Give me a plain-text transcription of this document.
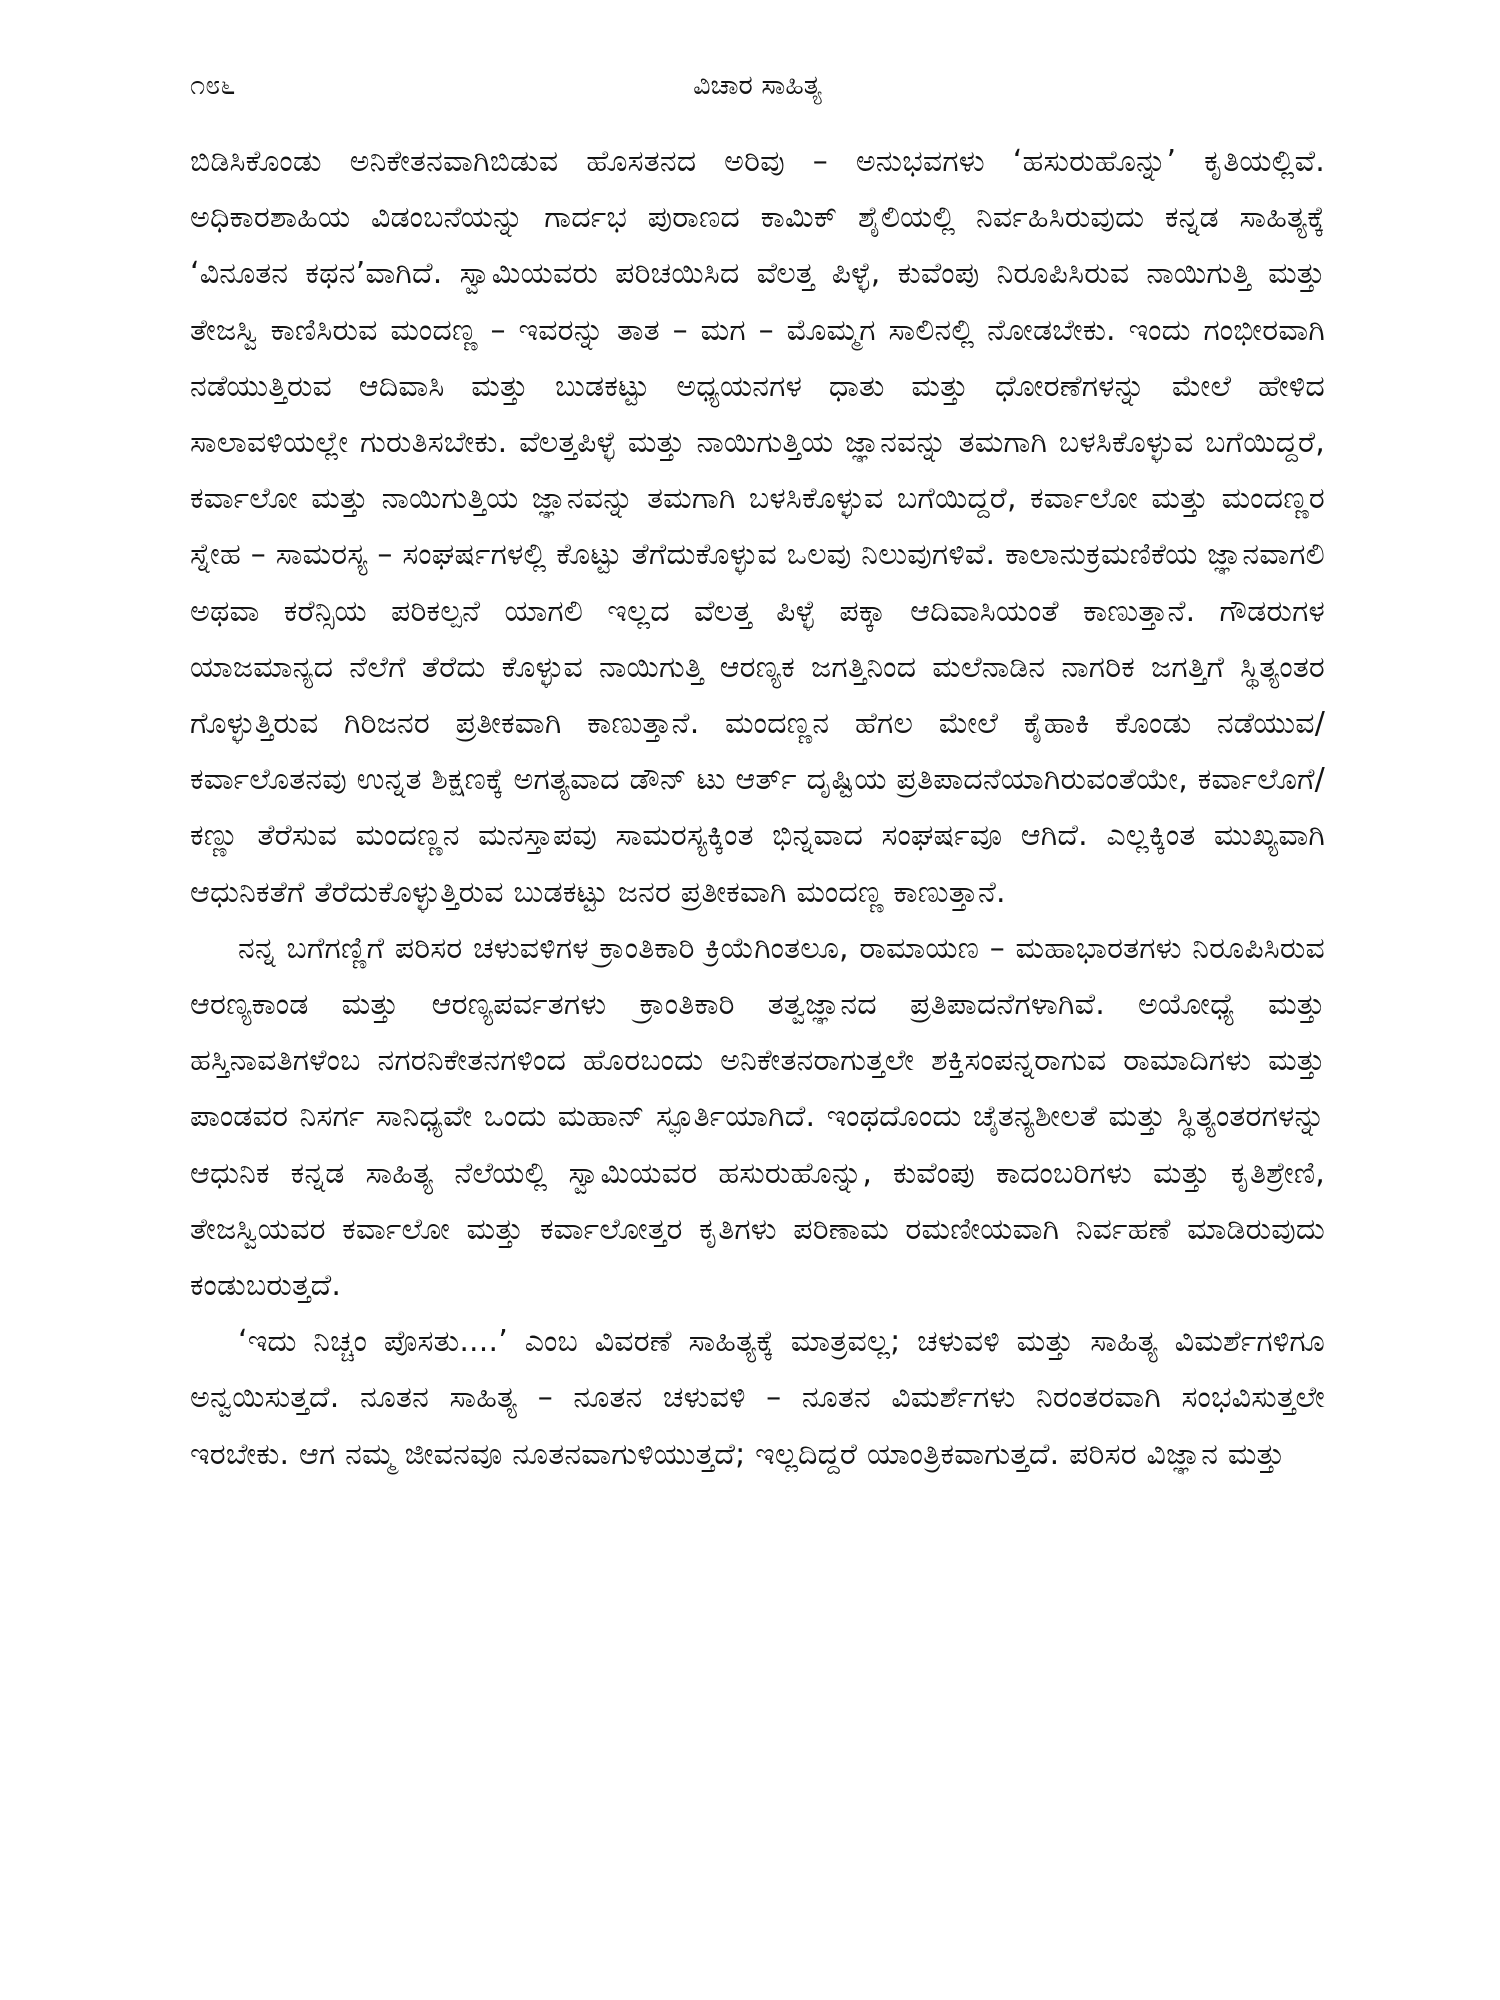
೧೮೬	ವಿಚಾರ ಸಾಹಿತ್ಯ

ಬಿಡಿಸಿಕೊಂಡು ಅನಿಕೇತನವಾಗಿಬಿಡುವ ಹೊಸತನದ ಅರಿವು – ಅನುಭವಗಳು ‘ಹಸುರುಹೊನ್ನು’ ಕೃತಿಯಲ್ಲಿವೆ. ಅಧಿಕಾರಶಾಹಿಯ ವಿಡಂಬನೆಯನ್ನು ಗಾರ್ದಭ ಪುರಾಣದ ಕಾಮಿಕ್ ಶೈಲಿಯಲ್ಲಿ ನಿರ್ವಹಿಸಿರುವುದು ಕನ್ನಡ ಸಾಹಿತ್ಯಕ್ಕೆ ‘ವಿನೂತನ ಕಥನ’ವಾಗಿದೆ. ಸ್ವಾಮಿಯವರು ಪರಿಚಯಿಸಿದ ವೆಲತ್ತ ಪಿಳ್ಳೆ, ಕುವೆಂಪು ನಿರೂಪಿಸಿರುವ ನಾಯಿಗುತ್ತಿ ಮತ್ತು ತೇಜಸ್ವಿ ಕಾಣಿಸಿರುವ ಮಂದಣ್ಣ – ಇವರನ್ನು ತಾತ – ಮಗ – ಮೊಮ್ಮಗ ಸಾಲಿನಲ್ಲಿ ನೋಡಬೇಕು. ಇಂದು ಗಂಭೀರವಾಗಿ ನಡೆಯುತ್ತಿರುವ ಆದಿವಾಸಿ ಮತ್ತು ಬುಡಕಟ್ಟು ಅಧ್ಯಯನಗಳ ಧಾತು ಮತ್ತು ಧೋರಣೆಗಳನ್ನು ಮೇಲೆ ಹೇಳಿದ ಸಾಲಾವಳಿಯಲ್ಲೇ ಗುರುತಿಸಬೇಕು. ವೆಲತ್ತಪಿಳ್ಳೆ ಮತ್ತು ನಾಯಿಗುತ್ತಿಯ ಜ್ಞಾನವನ್ನು ತಮಗಾಗಿ ಬಳಸಿಕೊಳ್ಳುವ ಬಗೆಯಿದ್ದರೆ, ಕರ್ವಾಲೋ ಮತ್ತು ನಾಯಿಗುತ್ತಿಯ ಜ್ಞಾನವನ್ನು ತಮಗಾಗಿ ಬಳಸಿಕೊಳ್ಳುವ ಬಗೆಯಿದ್ದರೆ, ಕರ್ವಾಲೋ ಮತ್ತು ಮಂದಣ್ಣರ ಸ್ನೇಹ – ಸಾಮರಸ್ಯ – ಸಂಘರ್ಷಗಳಲ್ಲಿ ಕೊಟ್ಟು ತೆಗೆದುಕೊಳ್ಳುವ ಒಲವು ನಿಲುವುಗಳಿವೆ. ಕಾಲಾನುಕ್ರಮಣಿಕೆಯ ಜ್ಞಾನವಾಗಲಿ ಅಥವಾ ಕರೆನ್ಸಿಯ ಪರಿಕಲ್ಪನೆ ಯಾಗಲಿ ಇಲ್ಲದ ವೆಲತ್ತ ಪಿಳ್ಳೆ ಪಕ್ಕಾ ಆದಿವಾಸಿಯಂತೆ ಕಾಣುತ್ತಾನೆ. ಗೌಡರುಗಳ ಯಾಜಮಾನ್ಯದ ನೆಲೆಗೆ ತೆರೆದು ಕೊಳ್ಳುವ ನಾಯಿಗುತ್ತಿ ಆರಣ್ಯಕ ಜಗತ್ತಿನಿಂದ ಮಲೆನಾಡಿನ ನಾಗರಿಕ ಜಗತ್ತಿಗೆ ಸ್ಥಿತ್ಯಂತರ ಗೊಳ್ಳುತ್ತಿರುವ ಗಿರಿಜನರ ಪ್ರತೀಕವಾಗಿ ಕಾಣುತ್ತಾನೆ. ಮಂದಣ್ಣನ ಹೆಗಲ ಮೇಲೆ ಕೈಹಾಕಿ ಕೊಂಡು ನಡೆಯುವ/ ಕರ್ವಾಲೊತನವು ಉನ್ನತ ಶಿಕ್ಷಣಕ್ಕೆ ಅಗತ್ಯವಾದ ಡೌನ್ ಟು ಆರ್ತ್ ದೃಷ್ಟಿಯ ಪ್ರತಿಪಾದನೆಯಾಗಿರುವಂತೆಯೇ, ಕರ್ವಾಲೊಗೆ/ ಕಣ್ಣು ತೆರೆಸುವ ಮಂದಣ್ಣನ ಮನಸ್ತಾಪವು ಸಾಮರಸ್ಯಕ್ಕಿಂತ ಭಿನ್ನವಾದ ಸಂಘರ್ಷವೂ ಆಗಿದೆ. ಎಲ್ಲಕ್ಕಿಂತ ಮುಖ್ಯವಾಗಿ ಆಧುನಿಕತೆಗೆ ತೆರೆದುಕೊಳ್ಳುತ್ತಿರುವ ಬುಡಕಟ್ಟು ಜನರ ಪ್ರತೀಕವಾಗಿ ಮಂದಣ್ಣ ಕಾಣುತ್ತಾನೆ.

ನನ್ನ ಬಗೆಗಣ್ಣಿಗೆ ಪರಿಸರ ಚಳುವಳಿಗಳ ಕ್ರಾಂತಿಕಾರಿ ಕ್ರಿಯೆಗಿಂತಲೂ, ರಾಮಾಯಣ – ಮಹಾಭಾರತಗಳು ನಿರೂಪಿಸಿರುವ ಆರಣ್ಯಕಾಂಡ ಮತ್ತು ಆರಣ್ಯಪರ್ವತಗಳು ಕ್ರಾಂತಿಕಾರಿ ತತ್ವಜ್ಞಾನದ ಪ್ರತಿಪಾದನೆಗಳಾಗಿವೆ. ಅಯೋಧ್ಯೆ ಮತ್ತು ಹಸ್ತಿನಾವತಿಗಳೆಂಬ ನಗರನಿಕೇತನಗಳಿಂದ ಹೊರಬಂದು ಅನಿಕೇತನರಾಗುತ್ತಲೇ ಶಕ್ತಿಸಂಪನ್ನರಾಗುವ ರಾಮಾದಿಗಳು ಮತ್ತು ಪಾಂಡವರ ನಿಸರ್ಗ ಸಾನಿಧ್ಯವೇ ಒಂದು ಮಹಾನ್ ಸ್ಫೂರ್ತಿಯಾಗಿದೆ. ಇಂಥದೊಂದು ಚೈತನ್ಯಶೀಲತೆ ಮತ್ತು ಸ್ಥಿತ್ಯಂತರಗಳನ್ನು ಆಧುನಿಕ ಕನ್ನಡ ಸಾಹಿತ್ಯ ನೆಲೆಯಲ್ಲಿ ಸ್ವಾಮಿಯವರ ಹಸುರುಹೊನ್ನು, ಕುವೆಂಪು ಕಾದಂಬರಿಗಳು ಮತ್ತು ಕೃತಿಶ್ರೇಣಿ, ತೇಜಸ್ವಿಯವರ ಕರ್ವಾಲೋ ಮತ್ತು ಕರ್ವಾಲೋತ್ತರ ಕೃತಿಗಳು ಪರಿಣಾಮ ರಮಣೀಯವಾಗಿ ನಿರ್ವಹಣೆ ಮಾಡಿರುವುದು ಕಂಡುಬರುತ್ತದೆ.

‘ಇದು ನಿಚ್ಚಂ ಪೊಸತು....’ ಎಂಬ ವಿವರಣೆ ಸಾಹಿತ್ಯಕ್ಕೆ ಮಾತ್ರವಲ್ಲ; ಚಳುವಳಿ ಮತ್ತು ಸಾಹಿತ್ಯ ವಿಮರ್ಶೆಗಳಿಗೂ ಅನ್ವಯಿಸುತ್ತದೆ. ನೂತನ ಸಾಹಿತ್ಯ – ನೂತನ ಚಳುವಳಿ – ನೂತನ ವಿಮರ್ಶೆಗಳು ನಿರಂತರವಾಗಿ ಸಂಭವಿಸುತ್ತಲೇ ಇರಬೇಕು. ಆಗ ನಮ್ಮ ಜೀವನವೂ ನೂತನವಾಗುಳಿಯುತ್ತದೆ; ಇಲ್ಲದಿದ್ದರೆ ಯಾಂತ್ರಿಕವಾಗುತ್ತದೆ. ಪರಿಸರ ವಿಜ್ಞಾನ ಮತ್ತು
